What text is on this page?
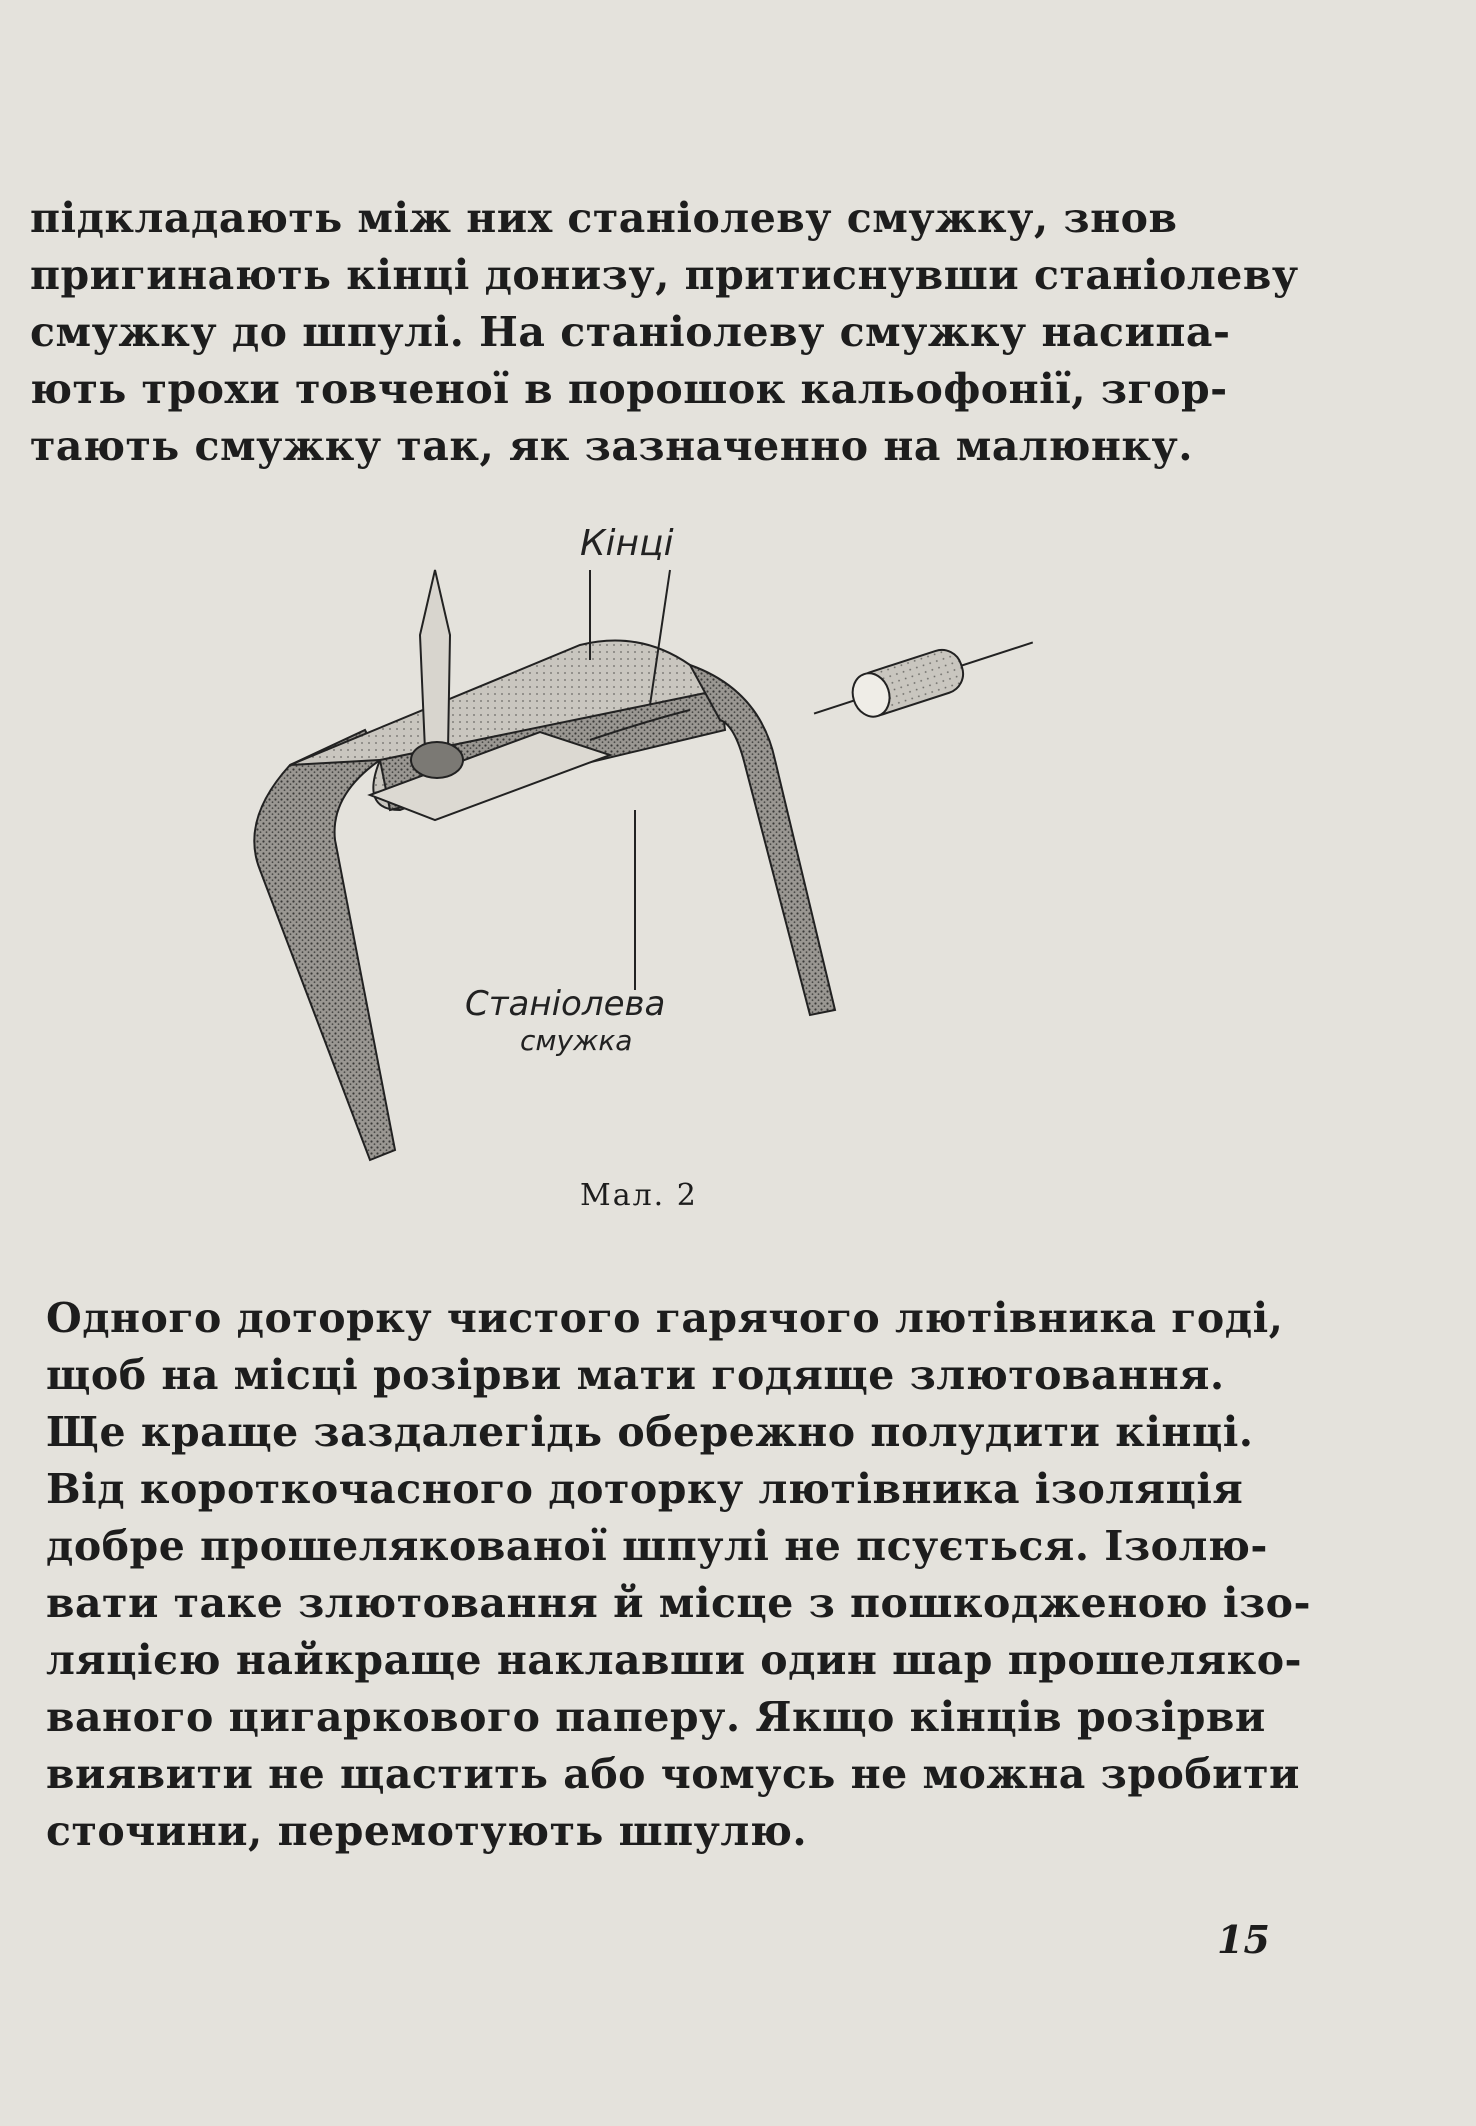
підкладають між них станіолеву смужку, знов
пригинають кінці донизу, притиснувши станіолеву
смужку до шпулі. На станіолеву смужку насипа-
ють трохи товченої в порошок кальофонії, згор-
тають смужку так, як зазначенно на малюнку.
Кінці
Станіолева
смужка
Мал. 2
Одного доторку чистого гарячого лютівника годі,
щоб на місці розірви мати годяще злютовання.
Ще краще заздалегідь обережно полудити кінці.
Від короткочасного доторку лютівника ізоляція
добре прошелякованої шпулі не псується. Ізолю-
вати таке злютовання й місце з пошкодженою ізо-
ляцією найкраще наклавши один шар прошеляко-
ваного цигаркового паперу. Якщо кінців розірви
виявити не щастить або чомусь не можна зробити
сточини, перемотують шпулю.
15
